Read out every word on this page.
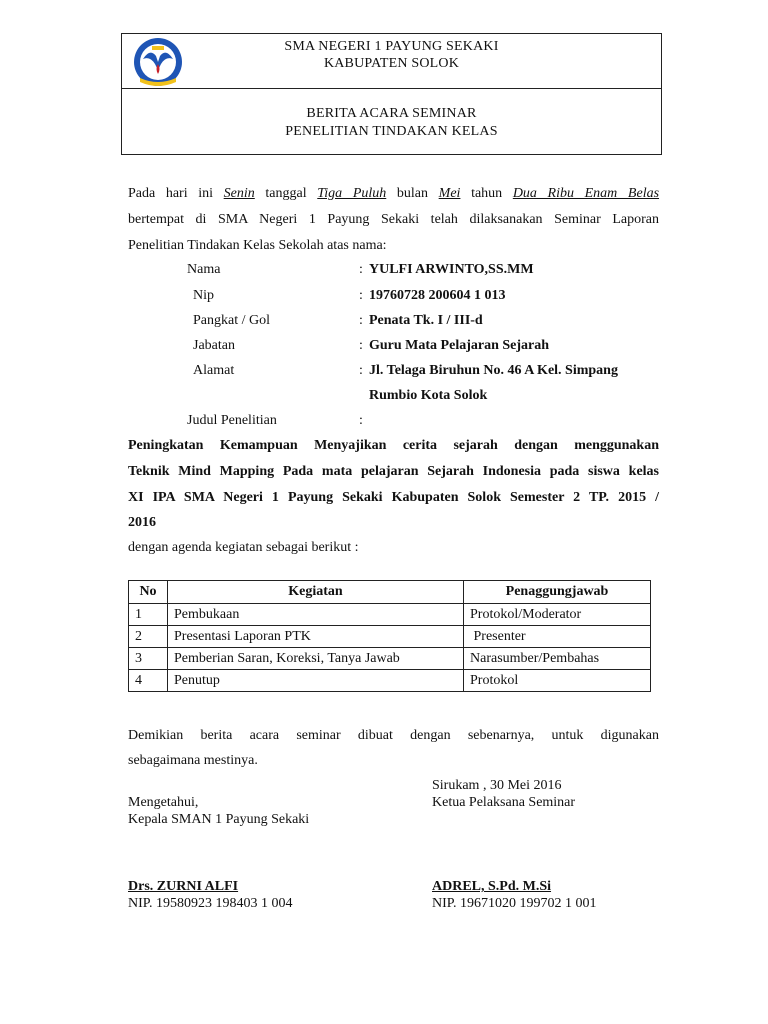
SMA NEGERI 1 PAYUNG SEKAKI
KABUPATEN SOLOK
BERITA ACARA SEMINAR
PENELITIAN TINDAKAN KELAS
Pada hari ini Senin tanggal Tiga Puluh bulan Mei tahun Dua Ribu Enam Belas
bertempat di SMA Negeri 1 Payung Sekaki telah dilaksanakan Seminar Laporan
Penelitian Tindakan Kelas Sekolah atas nama:
Nama	: YULFI ARWINTO,SS.MM
Nip	: 19760728 200604 1 013
Pangkat / Gol	: Penata Tk. I / III-d
Jabatan	: Guru Mata Pelajaran Sejarah
Alamat	: Jl. Telaga Biruhun No. 46 A Kel. Simpang
Rumbio Kota Solok
Judul Penelitian	:
Peningkatan Kemampuan Menyajikan cerita sejarah dengan menggunakan
Teknik Mind Mapping Pada mata pelajaran Sejarah Indonesia pada siswa kelas
XI IPA SMA Negeri 1 Payung Sekaki Kabupaten Solok Semester 2 TP. 2015 /
2016
dengan agenda kegiatan sebagai berikut :
No	Kegiatan	Penaggungjawab
1	Pembukaan	Protokol/Moderator
2	Presentasi Laporan PTK	Presenter
3	Pemberian Saran, Koreksi, Tanya Jawab	Narasumber/Pembahas
4	Penutup	Protokol
Demikian berita acara seminar dibuat dengan sebenarnya, untuk digunakan
sebagaimana mestinya.
Sirukam , 30 Mei 2016
Mengetahui,	Ketua Pelaksana Seminar
Kepala SMAN 1 Payung Sekaki
Drs. ZURNI ALFI	ADREL, S.Pd. M.Si
NIP. 19580923 198403 1 004	NIP. 19671020 199702 1 001
